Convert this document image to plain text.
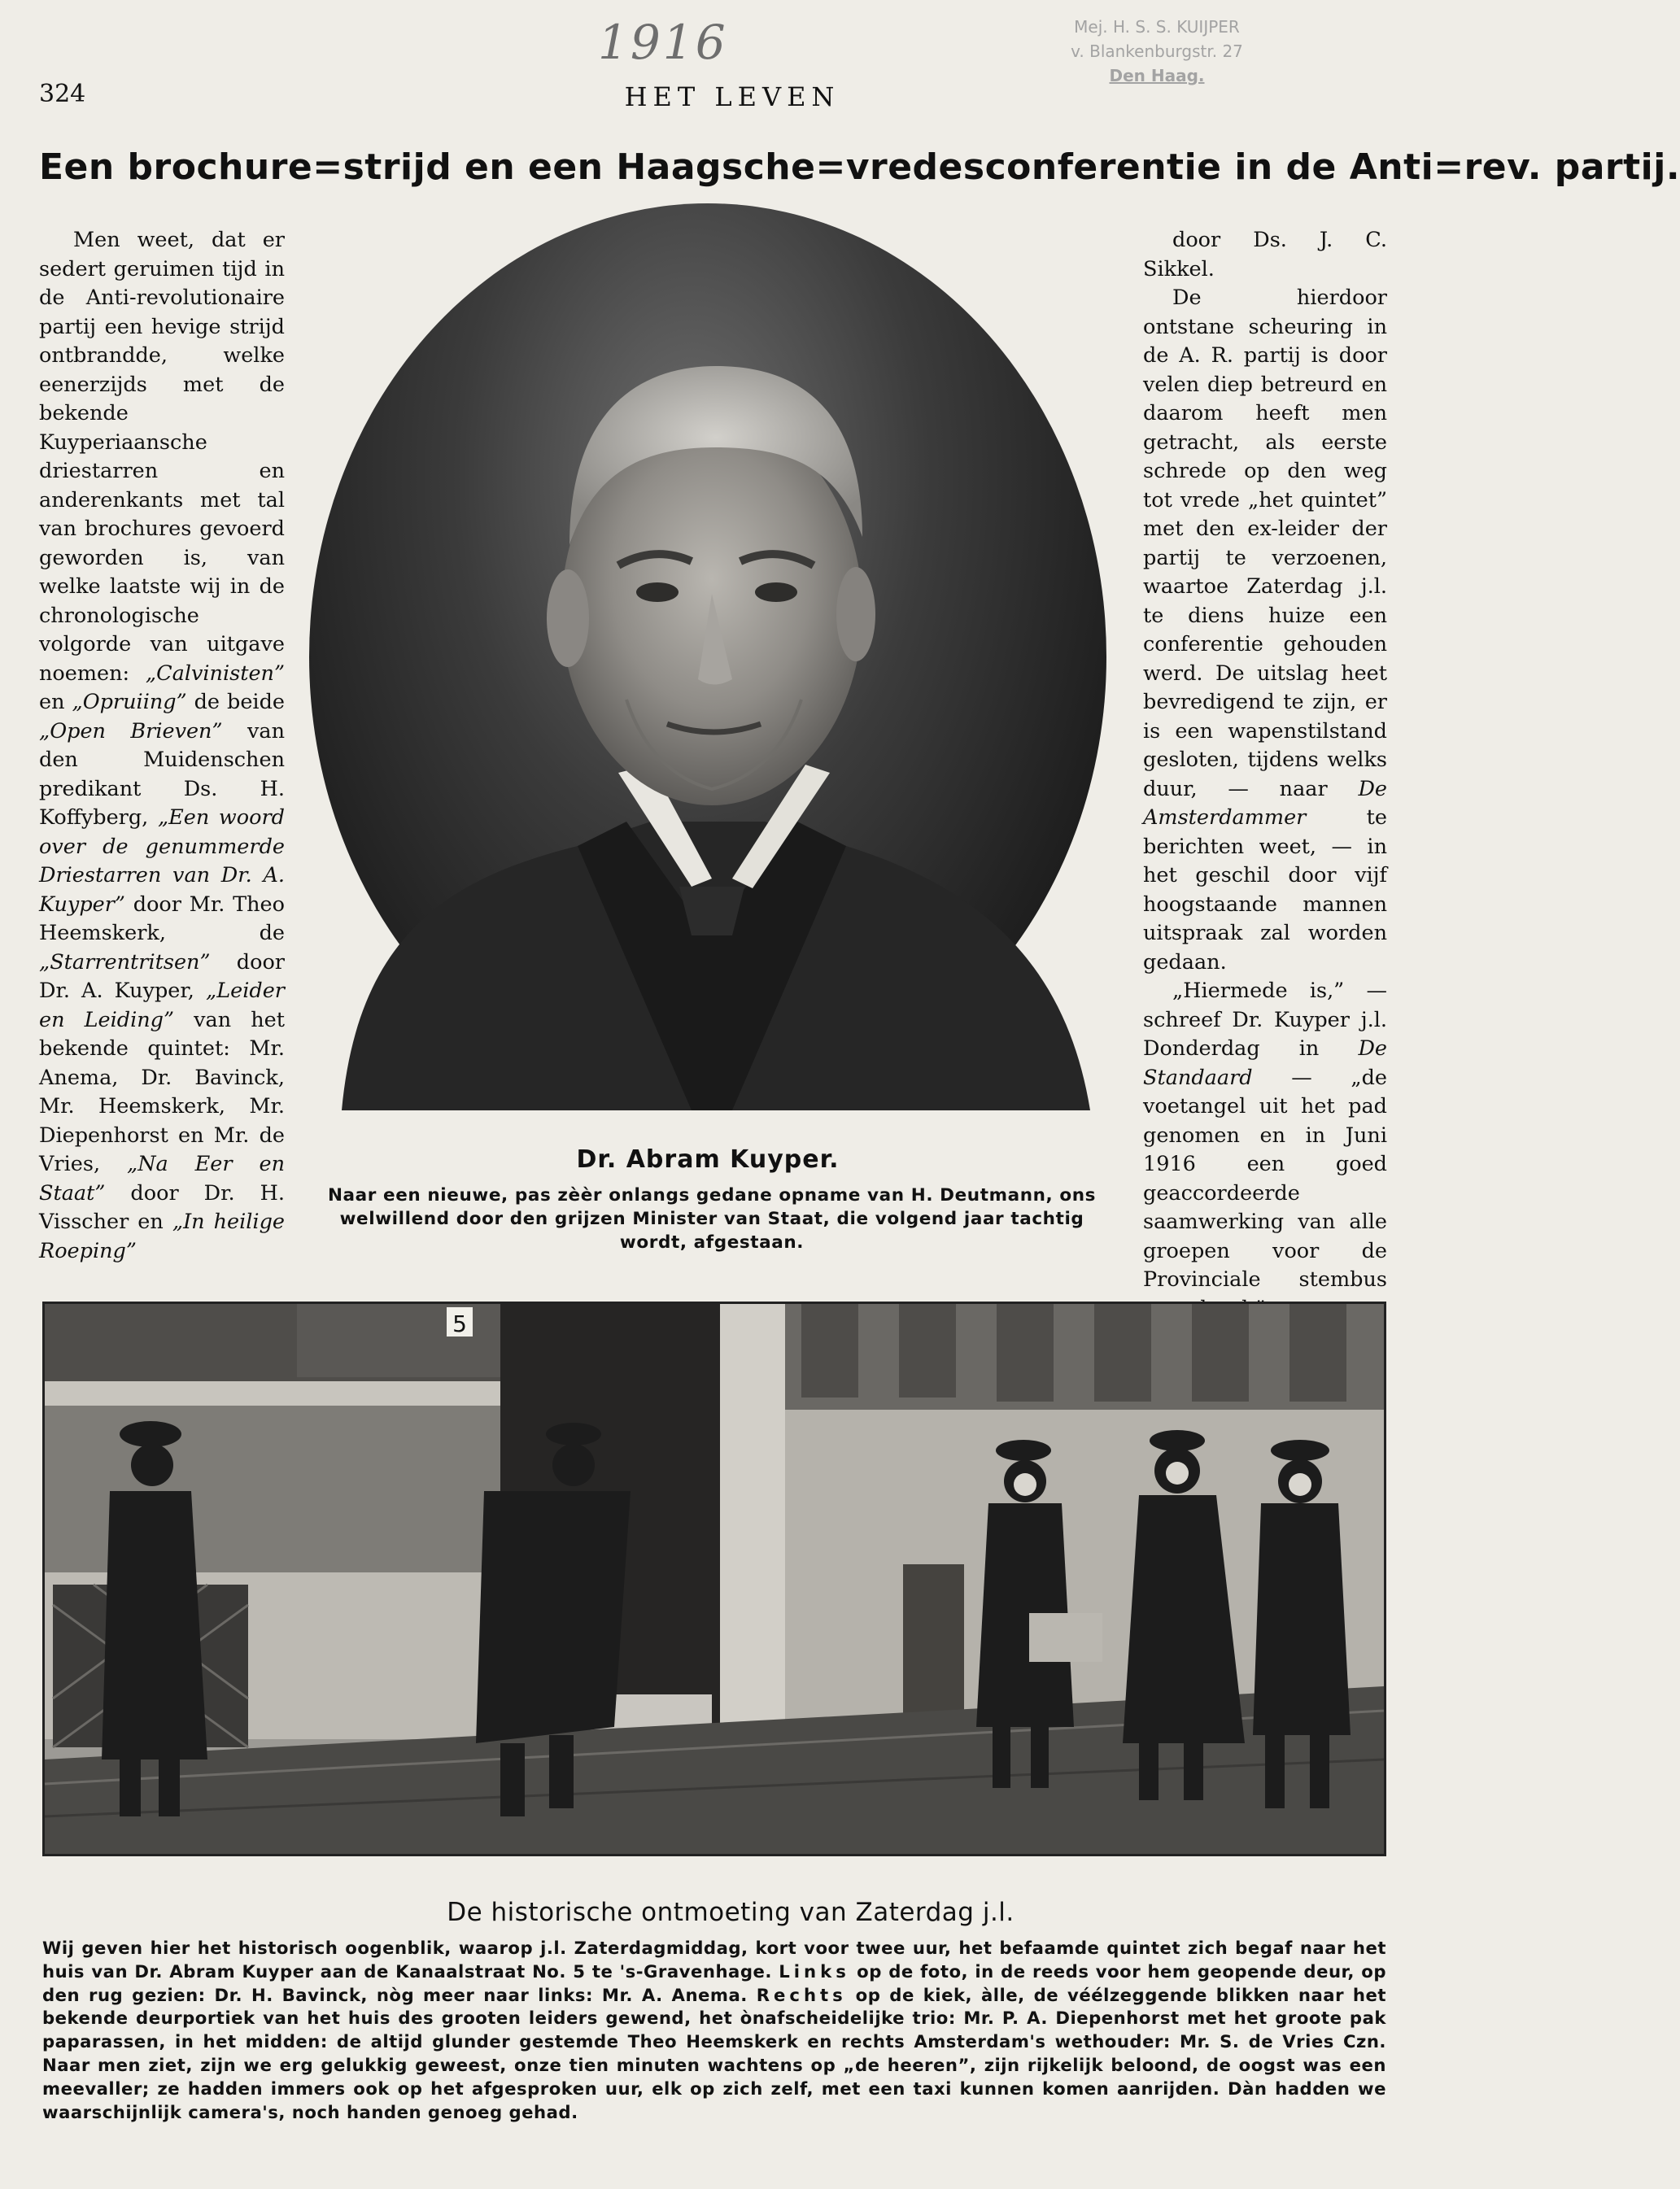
1916	Mej. H. S. S. KUIJPER
v. Blankenburgstr. 27
Den Haag.
324	HET LEVEN
Een brochure=strijd en een Haagsche=vredesconferentie in de Anti=rev. partij.

Men weet, dat er sedert geruimen tijd in de Anti-revolutionaire partij een hevige strijd ontbrandde, welke eenerzijds met de bekende Kuyperiaansche driestarren en anderenkants met tal van brochures gevoerd geworden is, van welke laatste wij in de chronologische volgorde van uitgave noemen: „Calvinisten” en „Opruiing” de beide „Open Brieven” van den Muidenschen predikant Ds. H. Koffyberg, „Een woord over de genummerde Driestarren van Dr. A. Kuyper” door Mr. Theo Heemskerk, de „Starrentritsen” door Dr. A. Kuyper, „Leider en Leiding” van het bekende quintet: Mr. Anema, Dr. Bavinck, Mr. Heemskerk, Mr. Diepenhorst en Mr. de Vries, „Na Eer en Staat” door Dr. H. Visscher en „In heilige Roeping”

Dr. Abram Kuyper.
Naar een nieuwe, pas zèèr onlangs gedane opname van H. Deutmann, ons welwillend door den grijzen Minister van Staat, die volgend jaar tachtig wordt, afgestaan.

door Ds. J. C. Sikkel.

De hierdoor ontstane scheuring in de A. R. partij is door velen diep betreurd en daarom heeft men getracht, als eerste schrede op den weg tot vrede „het quintet” met den ex-leider der partij te verzoenen, waartoe Zaterdag j.l. te diens huize een conferentie gehouden werd. De uitslag heet bevredigend te zijn, er is een wapenstilstand gesloten, tijdens welks duur, — naar De Amsterdammer te berichten weet, — in het geschil door vijf hoogstaande mannen uitspraak zal worden gedaan.

„Hiermede is,” — schreef Dr. Kuyper j.l. Donderdag in De Standaard — „de voetangel uit het pad genomen en in Juni 1916 een goed geaccordeerde saamwerking van alle groepen voor de Provinciale stembus

5
De historische ontmoeting van Zaterdag j.l.
Wij geven hier het historisch oogenblik, waarop j.l. Zaterdagmiddag, kort voor twee uur, het befaamde quintet zich begaf naar het huis van Dr. Abram Kuyper aan de Kanaalstraat No. 5 te 's-Gravenhage. Links op de foto, in de reeds voor hem geopende deur, op den rug gezien: Dr. H. Bavinck, nòg meer naar links: Mr. A. Anema. Rechts op de kiek, àlle, de véélzeggende blikken naar het bekende deurportiek van het huis des grooten leiders gewend, het ònafscheidelijke trio: Mr. P. A. Diepenhorst met het groote pak paparassen, in het midden: de altijd glunder gestemde Theo Heemskerk en rechts Amsterdam's wethouder: Mr. S. de Vries Czn. Naar men ziet, zijn we erg gelukkig geweest, onze tien minuten wachtens op „de heeren”, zijn rijkelijk beloond, de oogst was een meevaller; ze hadden immers ook op het afgesproken uur, elk op zich zelf, met een taxi kunnen komen aanrijden. Dàn hadden we waarschijnlijk camera's, noch handen genoeg gehad.
